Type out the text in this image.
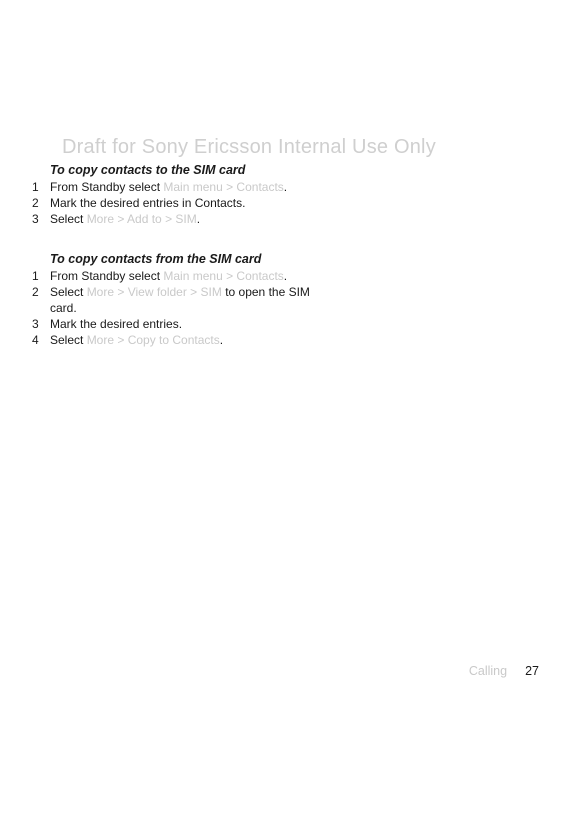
Draft for Sony Ericsson Internal Use Only
To copy contacts to the SIM card
1 From Standby select Main menu > Contacts.
2 Mark the desired entries in Contacts.
3 Select More > Add to > SIM.
To copy contacts from the SIM card
1 From Standby select Main menu > Contacts.
2 Select More > View folder > SIM to open the SIM card.
3 Mark the desired entries.
4 Select More > Copy to Contacts.
Calling 27
